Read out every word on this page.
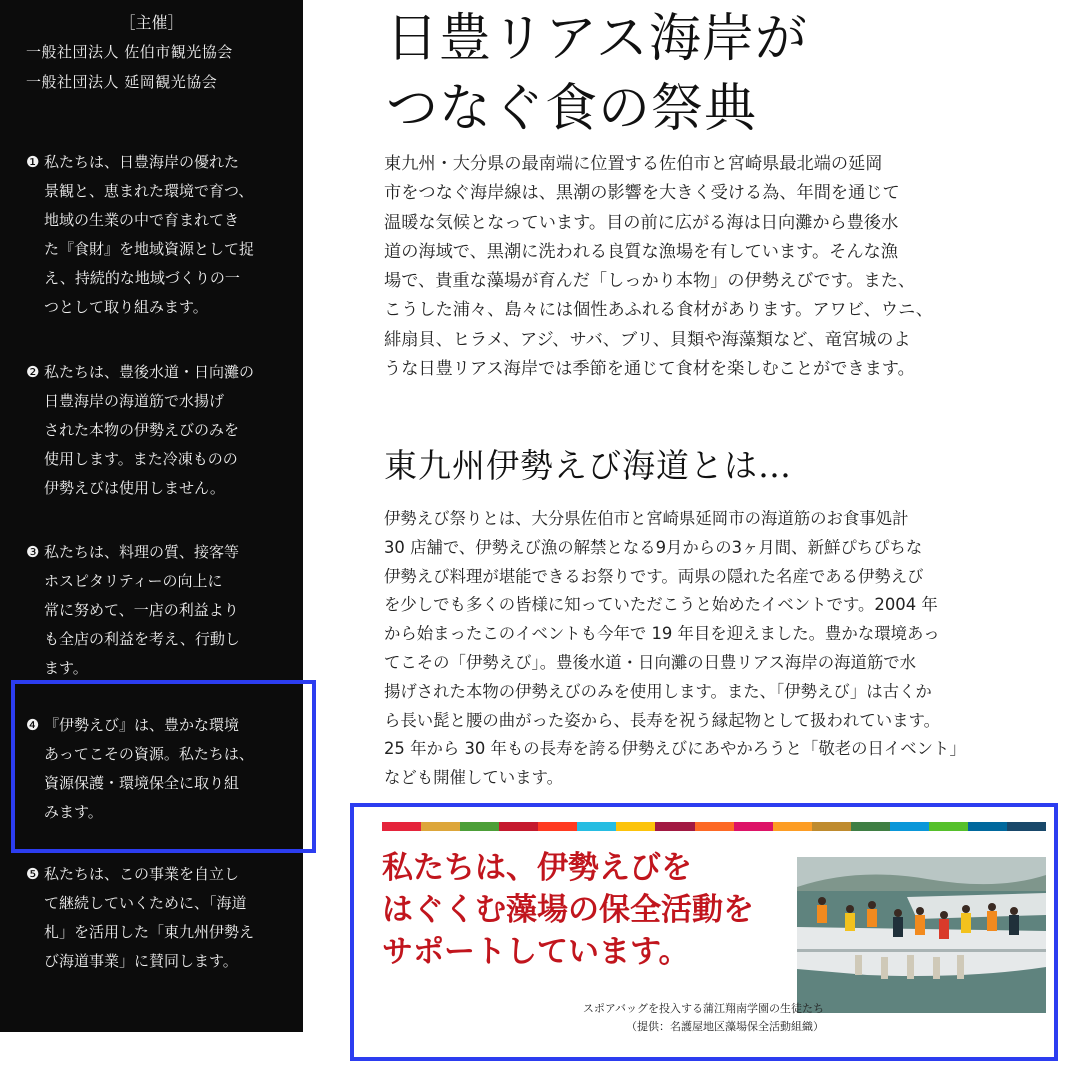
［主催］
一般社団法人 佐伯市観光協会
一般社団法人 延岡観光協会
❶ 私たちは、日豊海岸の優れた
景観と、恵まれた環境で育つ、
地域の生業の中で育まれてき
た『食財』を地域資源として捉
え、持続的な地域づくりの一
つとして取り組みます。
❷ 私たちは、豊後水道・日向灘の
日豊海岸の海道筋で水揚げ
された本物の伊勢えびのみを
使用します。また冷凍ものの
伊勢えびは使用しません。
❸ 私たちは、料理の質、接客等
ホスピタリティーの向上に
常に努めて、一店の利益より
も全店の利益を考え、行動し
ます。
❹ 『伊勢えび』は、豊かな環境
あってこその資源。私たちは、
資源保護・環境保全に取り組
みます。
❺ 私たちは、この事業を自立し
て継続していくために、「海道
札」を活用した「東九州伊勢え
び海道事業」に賛同します。
日豊リアス海岸が
つなぐ食の祭典

東九州・大分県の最南端に位置する佐伯市と宮崎県最北端の延岡
市をつなぐ海岸線は、黒潮の影響を大きく受ける為、年間を通じて
温暖な気候となっています。目の前に広がる海は日向灘から豊後水
道の海域で、黒潮に洗われる良質な漁場を有しています。そんな漁
場で、貴重な藻場が育んだ「しっかり本物」の伊勢えびです。また、
こうした浦々、島々には個性あふれる食材があります。アワビ、ウニ、
緋扇貝、ヒラメ、アジ、サバ、ブリ、貝類や海藻類など、竜宮城のよ
うな日豊リアス海岸では季節を通じて食材を楽しむことができます。

東九州伊勢えび海道とは…

伊勢えび祭りとは、大分県佐伯市と宮崎県延岡市の海道筋のお食事処計
30 店舗で、伊勢えび漁の解禁となる9月からの3ヶ月間、新鮮ぴちぴちな
伊勢えび料理が堪能できるお祭りです。両県の隠れた名産である伊勢えび
を少しでも多くの皆様に知っていただこうと始めたイベントです。2004 年
から始まったこのイベントも今年で 19 年目を迎えました。豊かな環境あっ
てこその「伊勢えび」。豊後水道・日向灘の日豊リアス海岸の海道筋で水
揚げされた本物の伊勢えびのみを使用します。また、「伊勢えび」は古くか
ら長い髭と腰の曲がった姿から、長寿を祝う縁起物として扱われています。
25 年から 30 年もの長寿を誇る伊勢えびにあやかろうと「敬老の日イベント」
なども開催しています。

私たちは、伊勢えびを
はぐくむ藻場の保全活動を
サポートしています。
スポアバッグを投入する蒲江翔南学園の生徒たち
（提供：名護屋地区藻場保全活動組織）
